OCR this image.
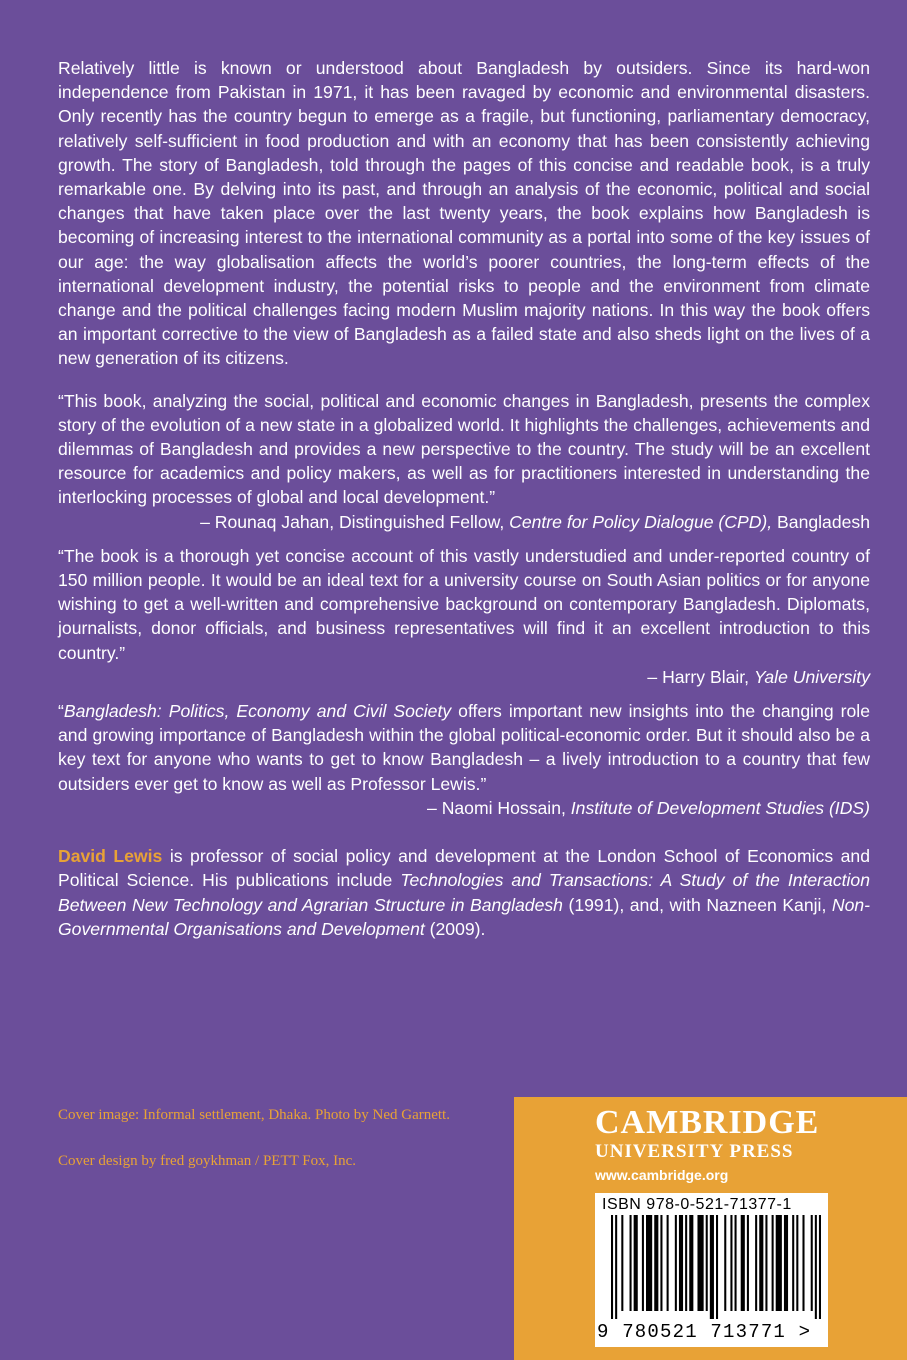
Relatively little is known or understood about Bangladesh by outsiders. Since its hard-won independence from Pakistan in 1971, it has been ravaged by economic and environmental disasters. Only recently has the country begun to emerge as a fragile, but functioning, parliamentary democracy, relatively self-sufficient in food production and with an economy that has been consistently achieving growth. The story of Bangladesh, told through the pages of this concise and readable book, is a truly remarkable one. By delving into its past, and through an analysis of the economic, political and social changes that have taken place over the last twenty years, the book explains how Bangladesh is becoming of increasing interest to the international community as a portal into some of the key issues of our age: the way globalisation affects the world’s poorer countries, the long-term effects of the international development industry, the potential risks to people and the environment from climate change and the political challenges facing modern Muslim majority nations. In this way the book offers an important corrective to the view of Bangladesh as a failed state and also sheds light on the lives of a new generation of its citizens.

“This book, analyzing the social, political and economic changes in Bangladesh, presents the complex story of the evolution of a new state in a globalized world. It highlights the challenges, achievements and dilemmas of Bangladesh and provides a new perspective to the country. The study will be an excellent resource for academics and policy makers, as well as for practitioners interested in understanding the interlocking processes of global and local development.”

– Rounaq Jahan, Distinguished Fellow, Centre for Policy Dialogue (CPD), Bangladesh

“The book is a thorough yet concise account of this vastly understudied and under-reported country of 150 million people. It would be an ideal text for a university course on South Asian politics or for anyone wishing to get a well-written and comprehensive background on contemporary Bangladesh. Diplomats, journalists, donor officials, and business representatives will find it an excellent introduction to this country.”

– Harry Blair, Yale University

“Bangladesh: Politics, Economy and Civil Society offers important new insights into the changing role and growing importance of Bangladesh within the global political-economic order. But it should also be a key text for anyone who wants to get to know Bangladesh – a lively introduction to a country that few outsiders ever get to know as well as Professor Lewis.”

– Naomi Hossain, Institute of Development Studies (IDS)

David Lewis is professor of social policy and development at the London School of Economics and Political Science. His publications include Technologies and Transactions: A Study of the Interaction Between New Technology and Agrarian Structure in Bangladesh (1991), and, with Nazneen Kanji, Non-Governmental Organisations and Development (2009).

Cover image: Informal settlement, Dhaka. Photo by Ned Garnett.

Cover design by fred goykhman / PETT Fox, Inc.

CAMBRIDGE
UNIVERSITY PRESS
www.cambridge.org
ISBN 978-0-521-71377-1
9 780521 713771 >
